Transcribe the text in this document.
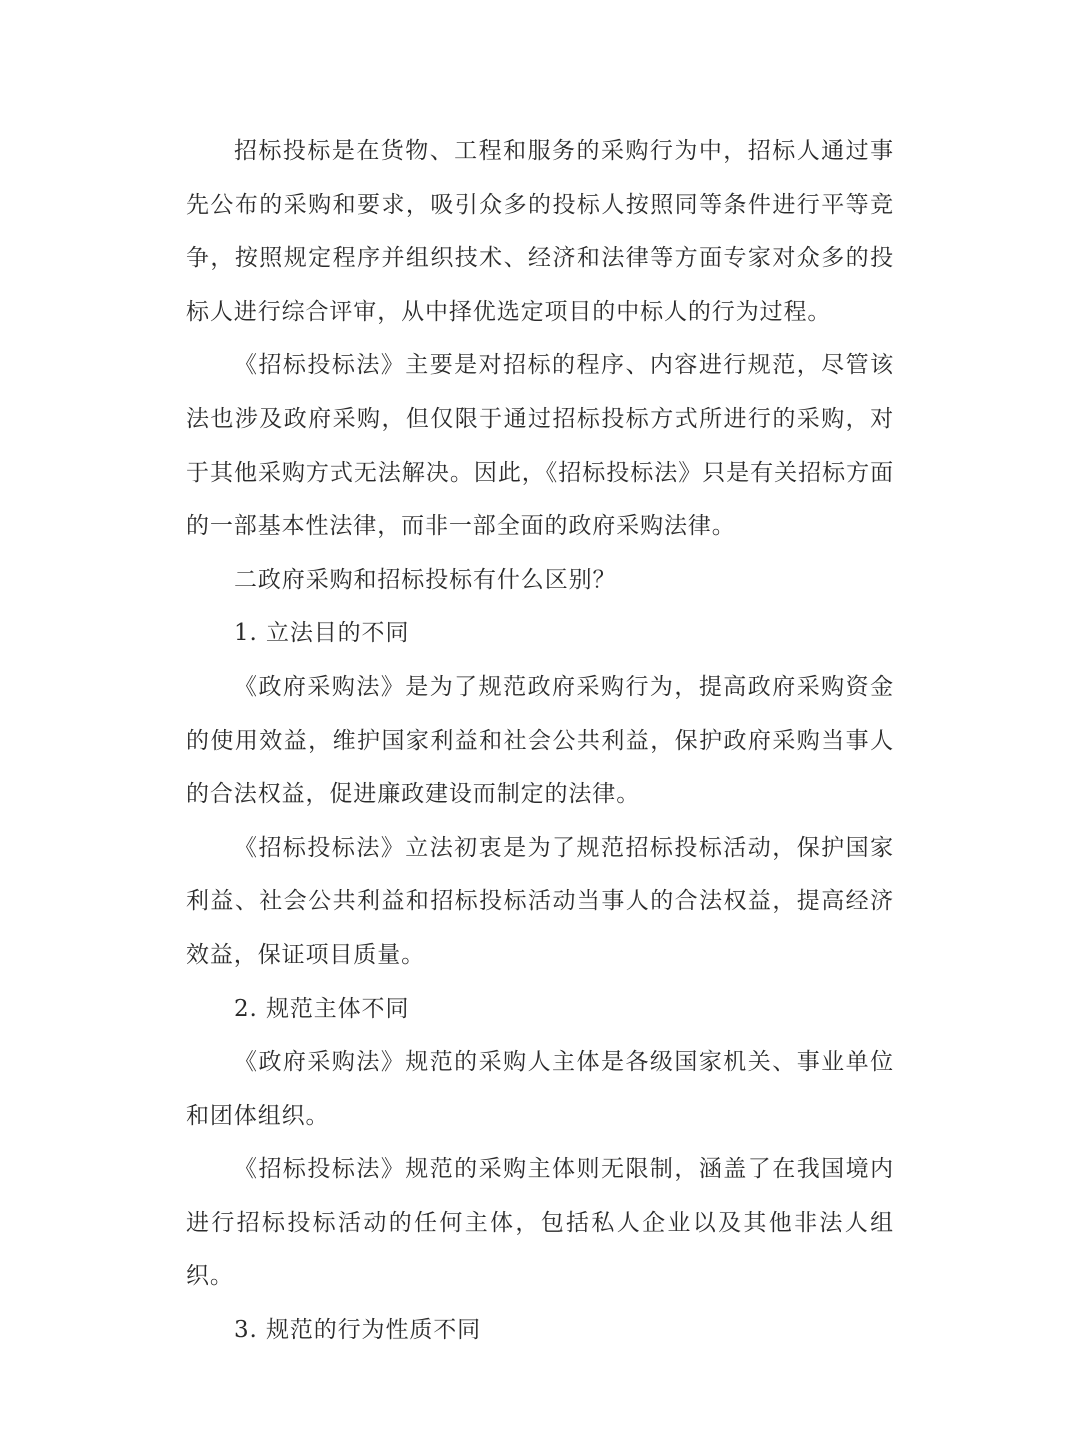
招标投标是在货物、工程和服务的采购行为中，招标人通过事先公布的采购和要求，吸引众多的投标人按照同等条件进行平等竞争，按照规定程序并组织技术、经济和法律等方面专家对众多的投标人进行综合评审，从中择优选定项目的中标人的行为过程。

《招标投标法》主要是对招标的程序、内容进行规范，尽管该法也涉及政府采购，但仅限于通过招标投标方式所进行的采购，对于其他采购方式无法解决。因此，《招标投标法》只是有关招标方面的一部基本性法律，而非一部全面的政府采购法律。

二政府采购和招标投标有什么区别？

1. 立法目的不同

《政府采购法》是为了规范政府采购行为，提高政府采购资金的使用效益，维护国家利益和社会公共利益，保护政府采购当事人的合法权益，促进廉政建设而制定的法律。

《招标投标法》立法初衷是为了规范招标投标活动，保护国家利益、社会公共利益和招标投标活动当事人的合法权益，提高经济效益，保证项目质量。

2. 规范主体不同

《政府采购法》规范的采购人主体是各级国家机关、事业单位和团体组织。

《招标投标法》规范的采购主体则无限制，涵盖了在我国境内进行招标投标活动的任何主体，包括私人企业以及其他非法人组织。

3. 规范的行为性质不同
